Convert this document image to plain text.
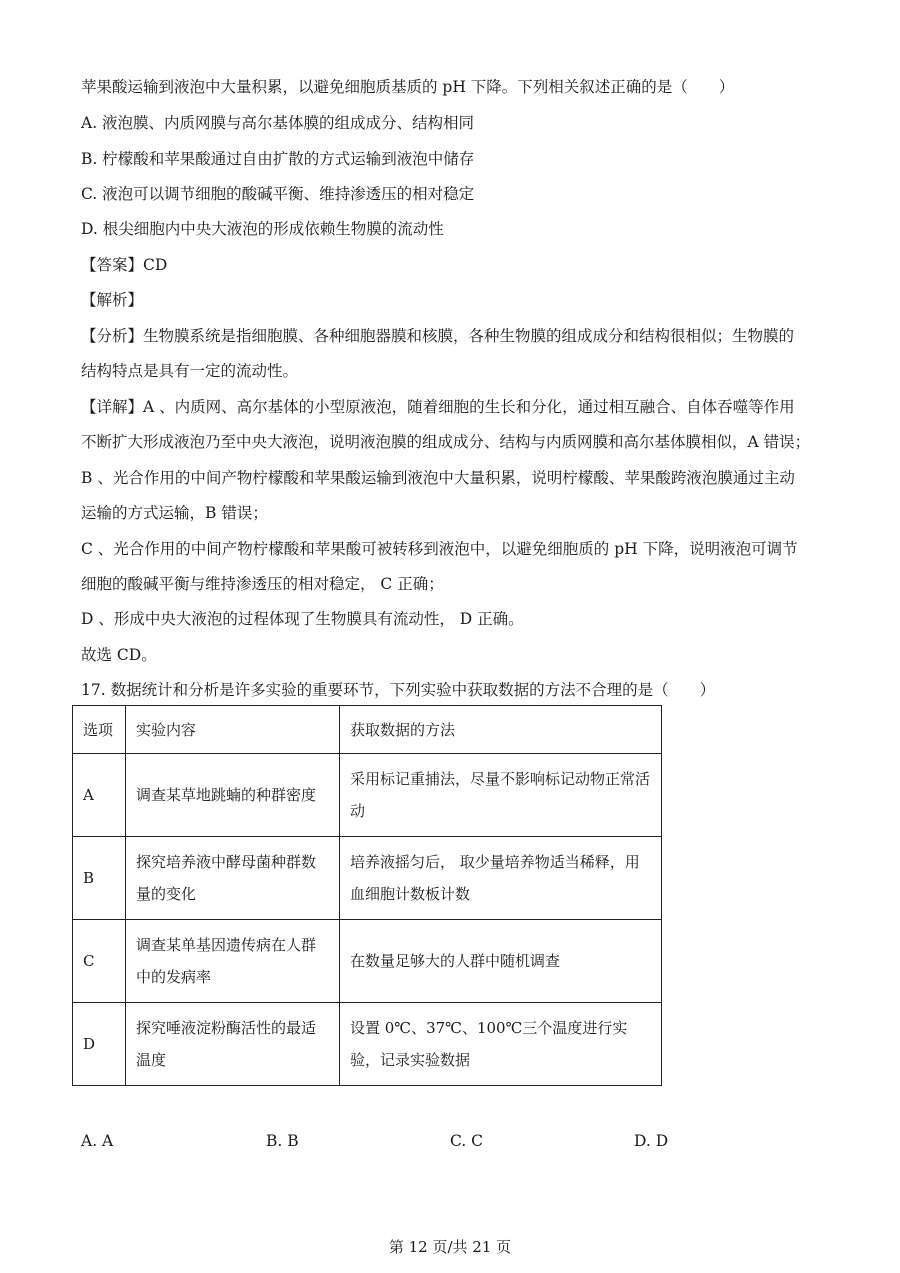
苹果酸运输到液泡中大量积累，以避免细胞质基质的 pH 下降。下列相关叙述正确的是（　　）
A. 液泡膜、内质网膜与高尔基体膜的组成成分、结构相同
B. 柠檬酸和苹果酸通过自由扩散的方式运输到液泡中储存
C. 液泡可以调节细胞的酸碱平衡、维持渗透压的相对稳定
D. 根尖细胞内中央大液泡的形成依赖生物膜的流动性
【答案】CD
【解析】
【分析】生物膜系统是指细胞膜、各种细胞器膜和核膜，各种生物膜的组成成分和结构很相似；生物膜的
结构特点是具有一定的流动性。
【详解】A 、内质网、高尔基体的小型原液泡，随着细胞的生长和分化，通过相互融合、自体吞噬等作用
不断扩大形成液泡乃至中央大液泡，说明液泡膜的组成成分、结构与内质网膜和高尔基体膜相似，A 错误；
B 、光合作用的中间产物柠檬酸和苹果酸运输到液泡中大量积累，说明柠檬酸、苹果酸跨液泡膜通过主动
运输的方式运输，B 错误；
C 、光合作用的中间产物柠檬酸和苹果酸可被转移到液泡中，以避免细胞质的 pH 下降，说明液泡可调节
细胞的酸碱平衡与维持渗透压的相对稳定， C 正确；
D 、形成中央大液泡的过程体现了生物膜具有流动性， D 正确。
故选 CD。
17. 数据统计和分析是许多实验的重要环节，下列实验中获取数据的方法不合理的是（　　）
选项	实验内容	获取数据的方法
A	调查某草地跳蝻的种群密度	采用标记重捕法，尽量不影响标记动物正常活动
B	探究培养液中酵母菌种群数量的变化	培养液摇匀后， 取少量培养物适当稀释，用血细胞计数板计数
C	调查某单基因遗传病在人群中的发病率	在数量足够大的人群中随机调查
D	探究唾液淀粉酶活性的最适温度	设置 0℃、37℃、100℃三个温度进行实验，记录实验数据
A. A	B. B	C. C	D. D
第 12 页/共 21 页
